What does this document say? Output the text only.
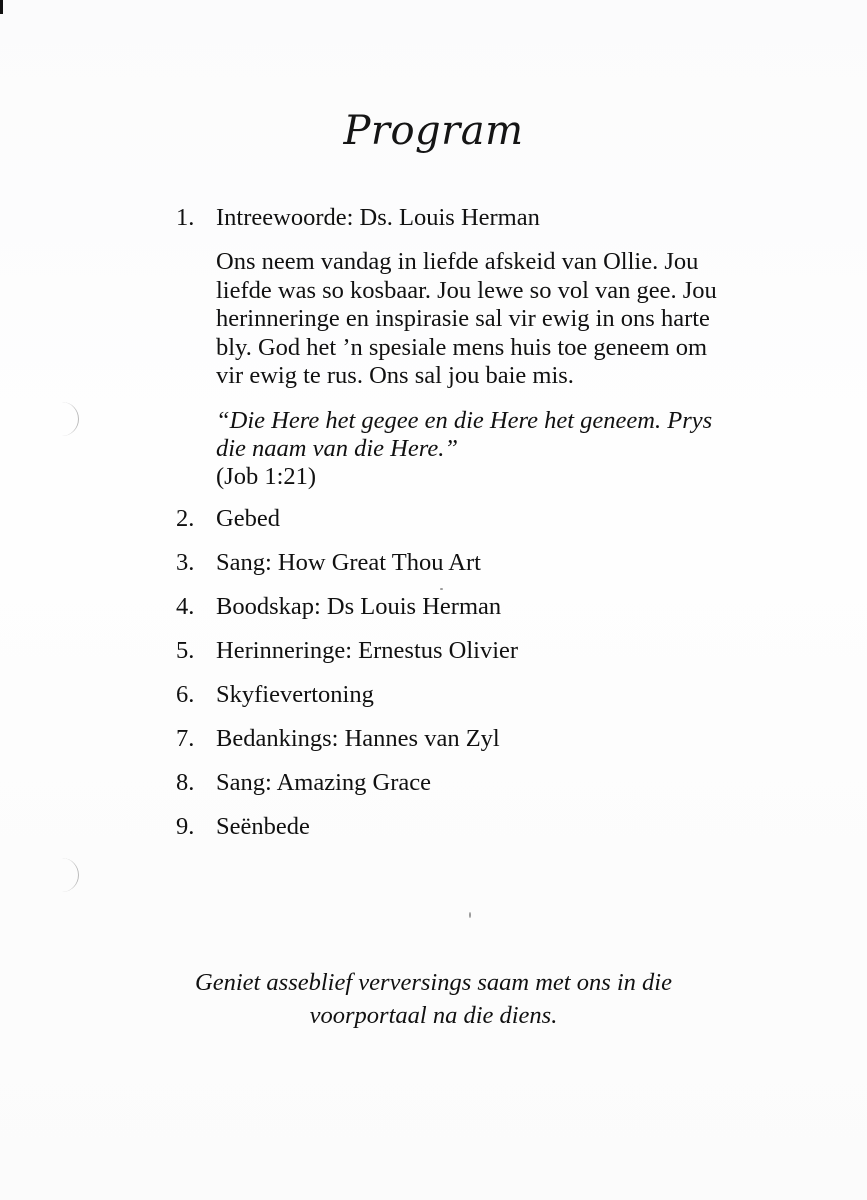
Program
1. Intreewoorde: Ds. Louis Herman
Ons neem vandag in liefde afskeid van Ollie. Jou liefde was so kosbaar. Jou lewe so vol van gee. Jou herinneringe en inspirasie sal vir ewig in ons harte bly. God het ’n spesiale mens huis toe geneem om vir ewig te rus. Ons sal jou baie mis.
“Die Here het gegee en die Here het geneem. Prys die naam van die Here.”
(Job 1:21)
2. Gebed
3. Sang: How Great Thou Art
4. Boodskap: Ds Louis Herman
5. Herinneringe: Ernestus Olivier
6. Skyfievertoning
7. Bedankings: Hannes van Zyl
8. Sang: Amazing Grace
9. Seënbede
Geniet asseblief verversings saam met ons in die
voorportaal na die diens.
